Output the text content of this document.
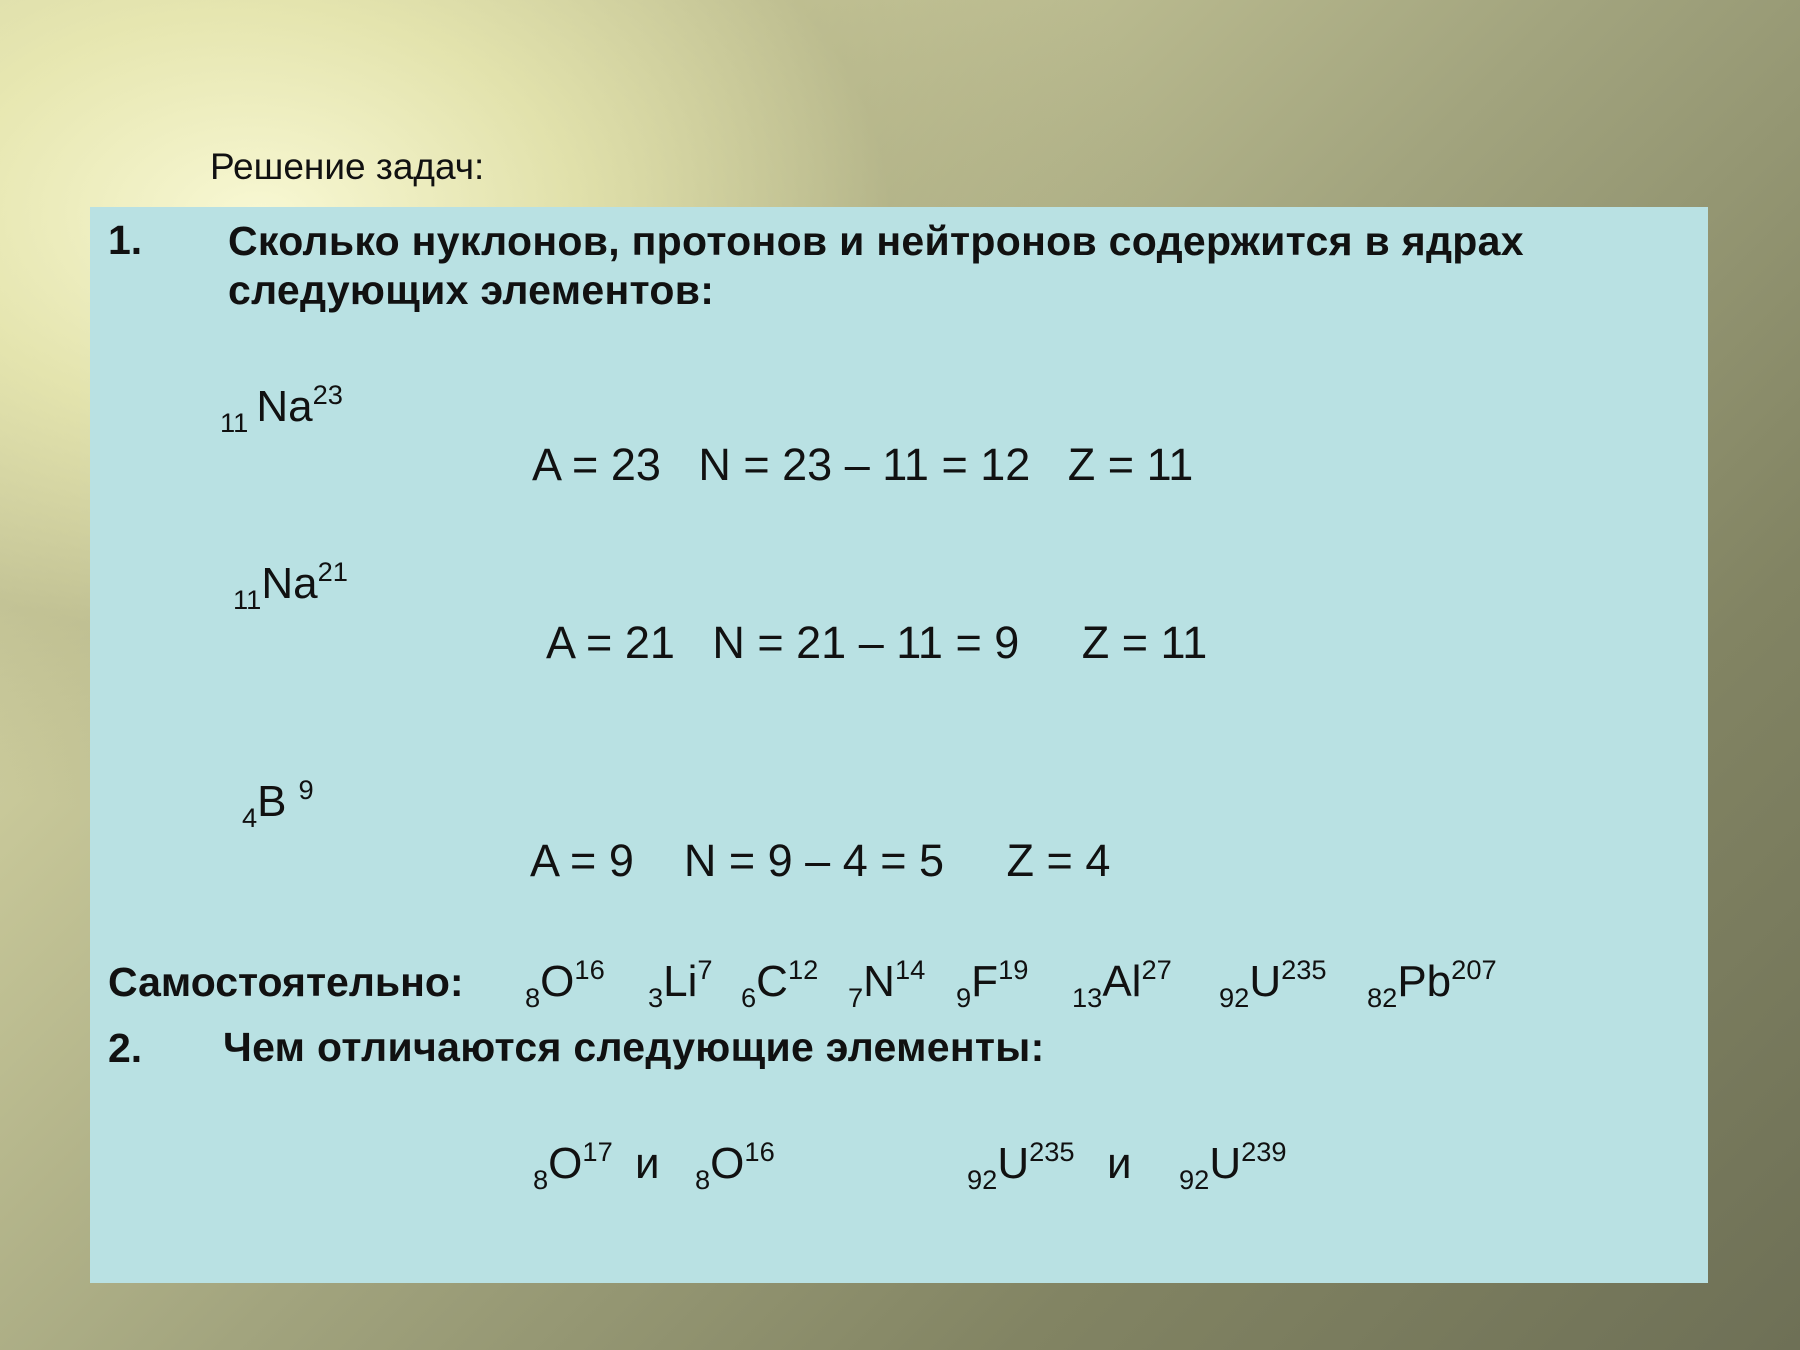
Решение задач:
1. Сколько нуклонов, протонов и нейтронов содержится в ядрах
следующих элементов:
$_{11}$ Na$^{23}$
A = 23   N = 23 – 11 = 12   Z = 11
$_{11}Na^{21}$
A = 21   N = 21 – 11 = 9     Z = 11
$_4$B $^9$
A = 9    N = 9 – 4 = 5     Z = 4
Самостоятельно: $_8O^{16}$
$_3Li^7$
$_6C^{12}$
$_7N^{14}$
$_9F^{19}$
$_{13}Al^{27}$
$_{92}U^{235}$
$_{82}Pb^{207}$
2. Чем отличаются следующие элементы:
$_8O^{17}$ и $_8O^{16}$
$_{92}U^{235}$ и $_{92}U^{239}$
